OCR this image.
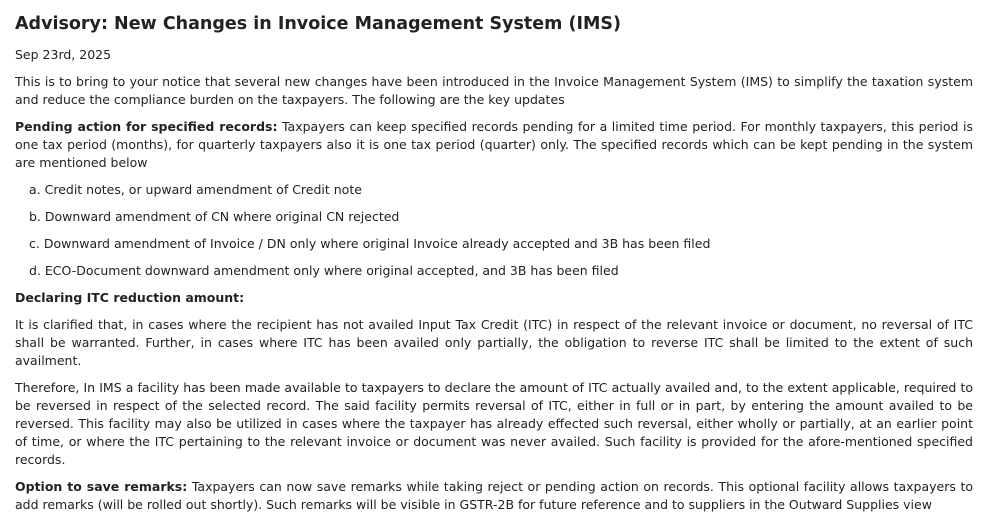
Advisory: New Changes in Invoice Management System (IMS)
Sep 23rd, 2025

This is to bring to your notice that several new changes have been introduced in the Invoice Management System (IMS) to simplify the taxation system and reduce the compliance burden on the taxpayers. The following are the key updates

Pending action for specified records: Taxpayers can keep specified records pending for a limited time period. For monthly taxpayers, this period is one tax period (months), for quarterly taxpayers also it is one tax period (quarter) only. The specified records which can be kept pending in the system are mentioned below

a. Credit notes, or upward amendment of Credit note
b. Downward amendment of CN where original CN rejected
c. Downward amendment of Invoice / DN only where original Invoice already accepted and 3B has been filed
d. ECO-Document downward amendment only where original accepted, and 3B has been filed
Declaring ITC reduction amount:

It is clarified that, in cases where the recipient has not availed Input Tax Credit (ITC) in respect of the relevant invoice or document, no reversal of ITC shall be warranted. Further, in cases where ITC has been availed only partially, the obligation to reverse ITC shall be limited to the extent of such availment.

Therefore, In IMS a facility has been made available to taxpayers to declare the amount of ITC actually availed and, to the extent applicable, required to be reversed in respect of the selected record. The said facility permits reversal of ITC, either in full or in part, by entering the amount availed to be reversed. This facility may also be utilized in cases where the taxpayer has already effected such reversal, either wholly or partially, at an earlier point of time, or where the ITC pertaining to the relevant invoice or document was never availed. Such facility is provided for the afore-mentioned specified records.

Option to save remarks: Taxpayers can now save remarks while taking reject or pending action on records. This optional facility allows taxpayers to add remarks (will be rolled out shortly). Such remarks will be visible in GSTR-2B for future reference and to suppliers in the Outward Supplies view
